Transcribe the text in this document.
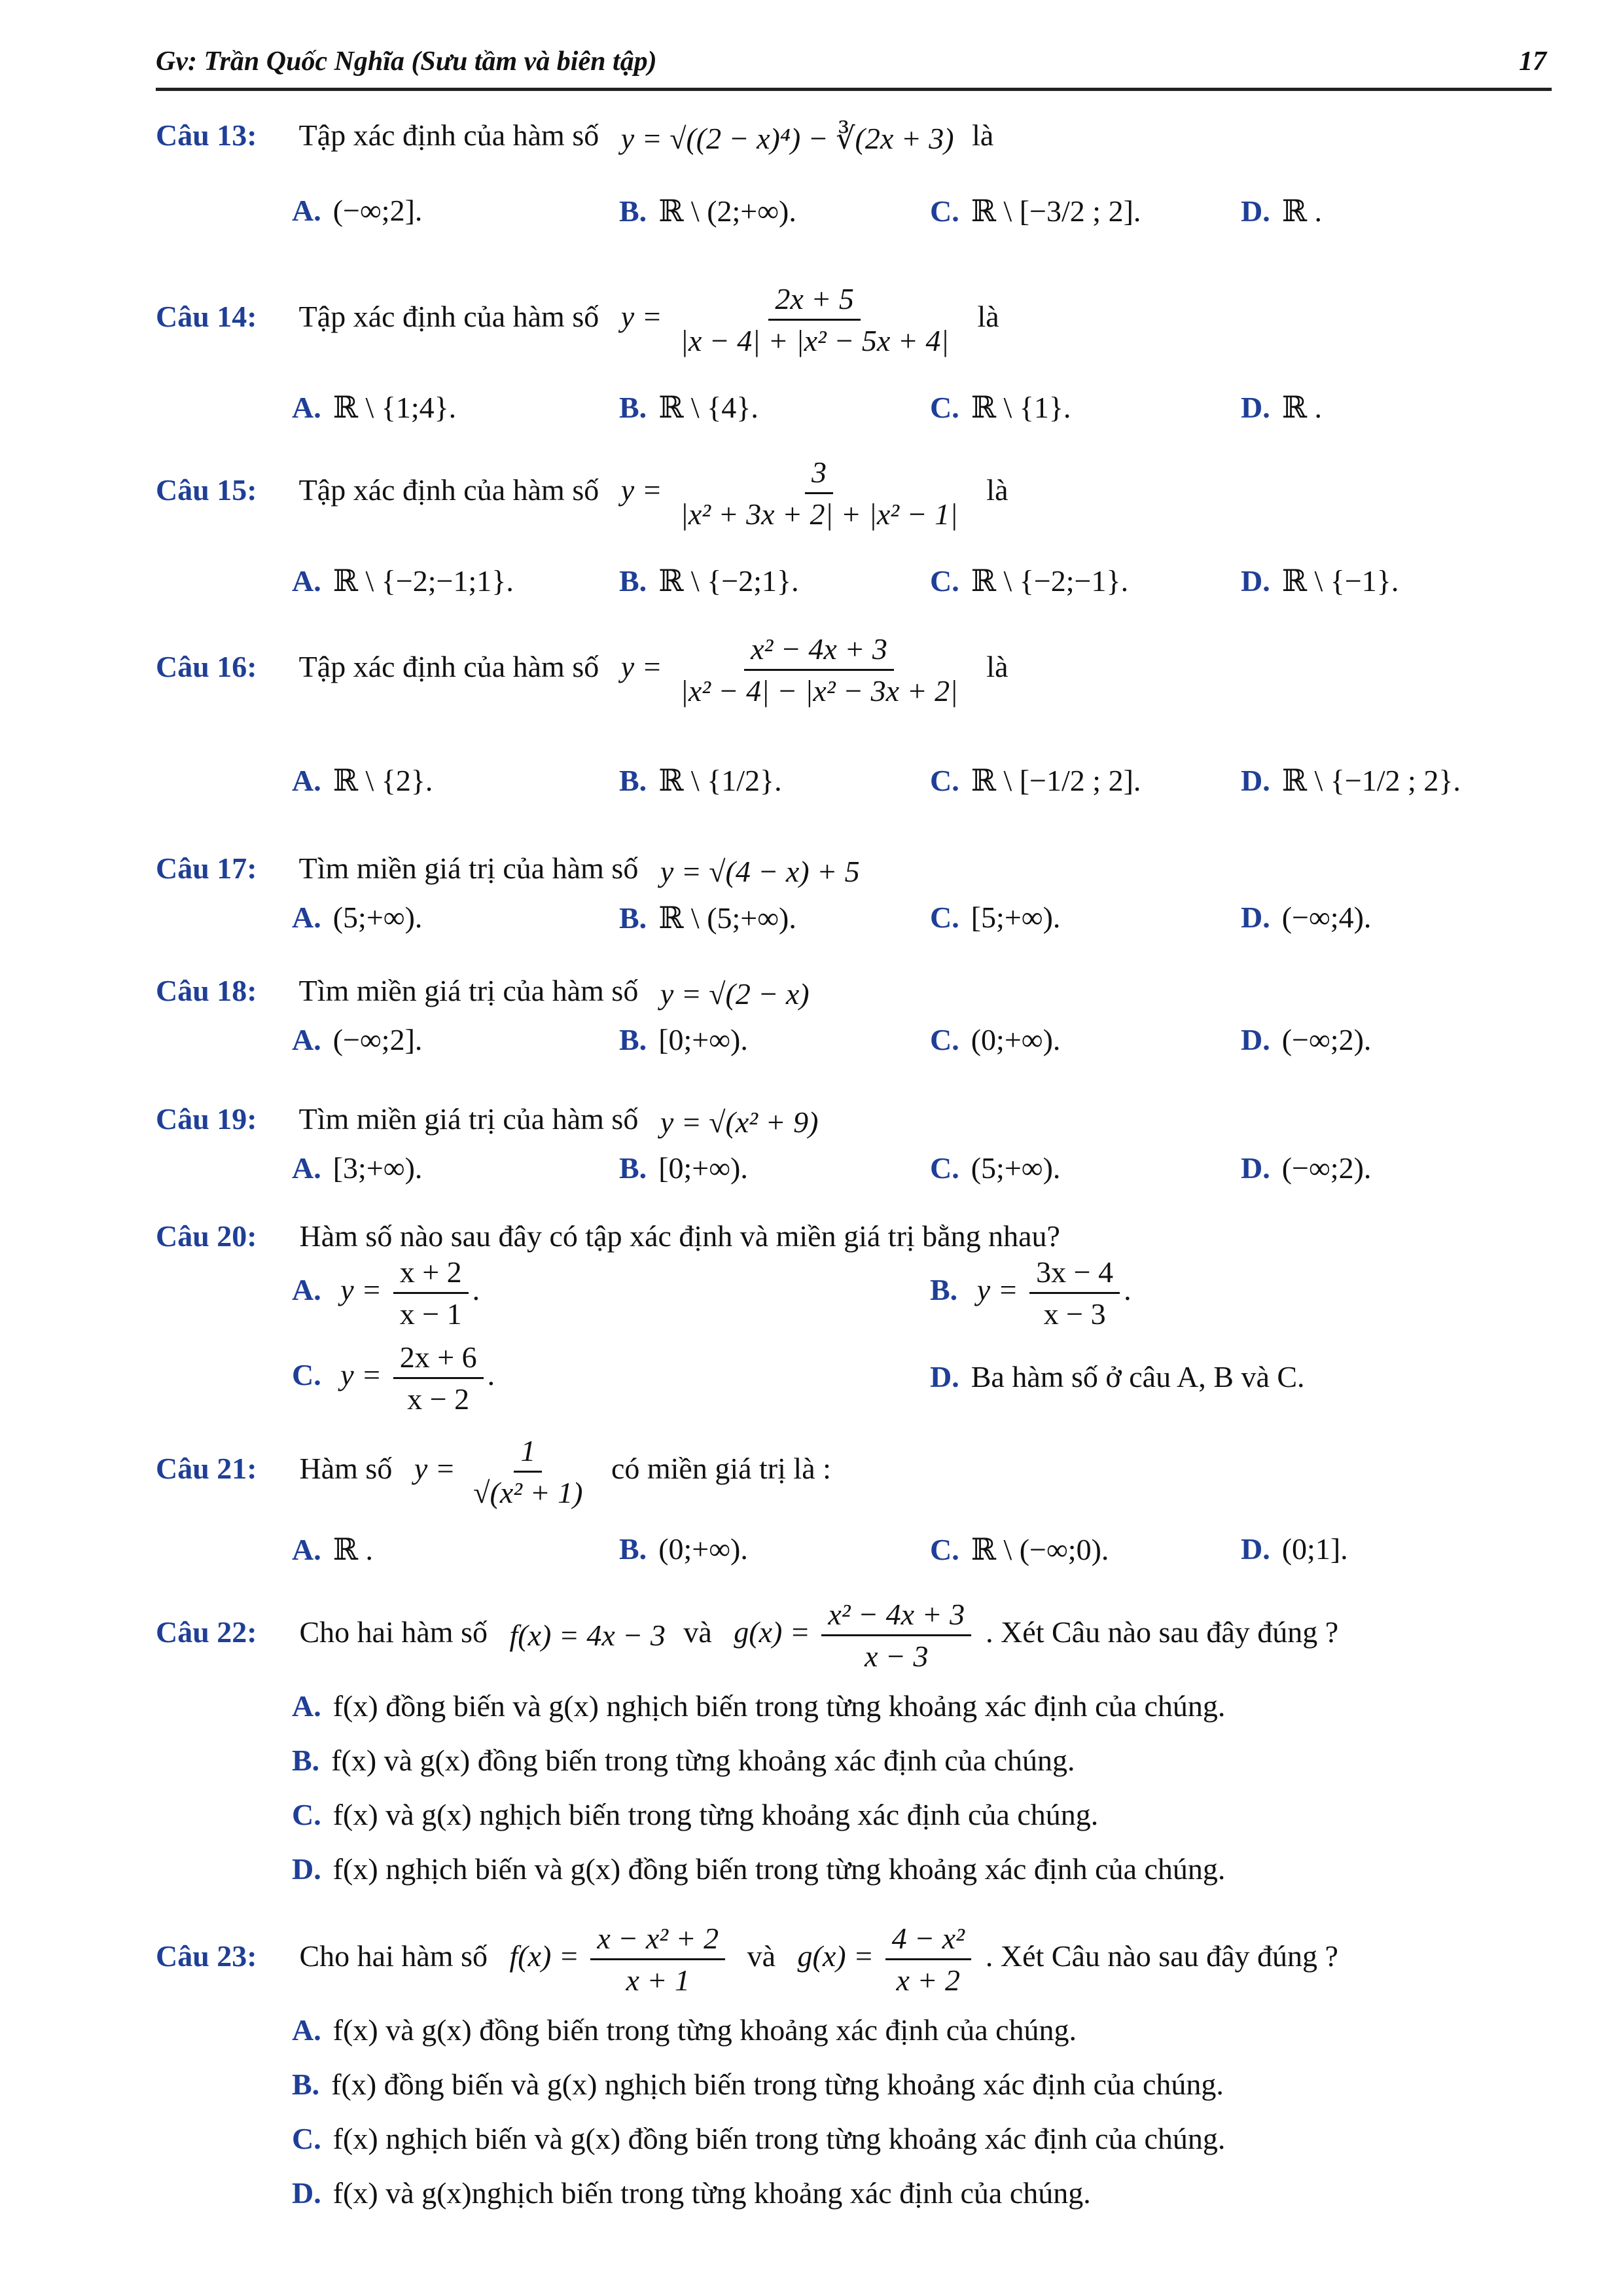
Gv: Trần Quốc Nghĩa (Sưu tầm và biên tập)	17
Câu 13: Tập xác định của hàm số y = √((2 − x)⁴) − ∛(2x + 3) là
A. (−∞;2].	B. ℝ \ (2;+∞).	C. ℝ \ [−3/2 ; 2].	D. ℝ .
Câu 14: Tập xác định của hàm số $y = \frac{2x + 5}{\text{|x − 4| + |x² − 5x + 4|}}$ là
A. ℝ \ {1;4}.	B. ℝ \ {4}.	C. ℝ \ {1}.	D. ℝ .
Câu 15: Tập xác định của hàm số $y = \frac{3}{\text{|x² + 3x + 2| + |x² − 1|}}$ là
A. ℝ \ {−2;−1;1}.	B. ℝ \ {−2;1}.	C. ℝ \ {−2;−1}.	D. ℝ \ {−1}.
Câu 16: Tập xác định của hàm số $y = \frac{\text{x² − 4x + 3}}{\text{|x² − 4| − |x² − 3x + 2|}}$ là
A. ℝ \ {2}.	B. ℝ \ {1/2}.	C. ℝ \ [−1/2 ; 2].	D. ℝ \ {−1/2 ; 2}.
Câu 17: Tìm miền giá trị của hàm số y = √(4 − x) + 5
A. (5;+∞).	B. ℝ \ (5;+∞).	C. [5;+∞).	D. (−∞;4).
Câu 18: Tìm miền giá trị của hàm số y = √(2 − x)
A. (−∞;2].	B. [0;+∞).	C. (0;+∞).	D. (−∞;2).
Câu 19: Tìm miền giá trị của hàm số y = √(x² + 9)
A. [3;+∞).	B. [0;+∞).	C. (5;+∞).	D. (−∞;2).
Câu 20: Hàm số nào sau đây có tập xác định và miền giá trị bằng nhau?
A. $y = \frac{x + 2}{x - 1}$ .	B. $y = \frac{3x - 4}{x - 3}$ .
C. $y = \frac{2x + 6}{x - 2}$ .	D. Ba hàm số ở câu A, B và C.
Câu 21: Hàm số $y = \frac{1}{\text{√(x² + 1)}}$ có miền giá trị là :
A. ℝ .	B. (0;+∞).	C. ℝ \ (−∞;0).	D. (0;1].
Câu 22: Cho hai hàm số f(x) = 4x − 3 và $g(x) = \frac{\text{x² − 4x + 3}}{x - 3}$ . Xét Câu nào sau đây đúng ?
A. f(x) đồng biến và g(x) nghịch biến trong từng khoảng xác định của chúng.
B. f(x) và g(x) đồng biến trong từng khoảng xác định của chúng.
C. f(x) và g(x) nghịch biến trong từng khoảng xác định của chúng.
D. f(x) nghịch biến và g(x) đồng biến trong từng khoảng xác định của chúng.
Câu 23: Cho hai hàm số $f(x) = \frac{\text{x − x² + 2}}{x + 1}$ và $g(x) = \frac{\text{4 − x²}}{x + 2}$ . Xét Câu nào sau đây đúng ?
A. f(x) và g(x) đồng biến trong từng khoảng xác định của chúng.
B. f(x) đồng biến và g(x) nghịch biến trong từng khoảng xác định của chúng.
C. f(x) nghịch biến và g(x) đồng biến trong từng khoảng xác định của chúng.
D. f(x) và g(x)nghịch biến trong từng khoảng xác định của chúng.
